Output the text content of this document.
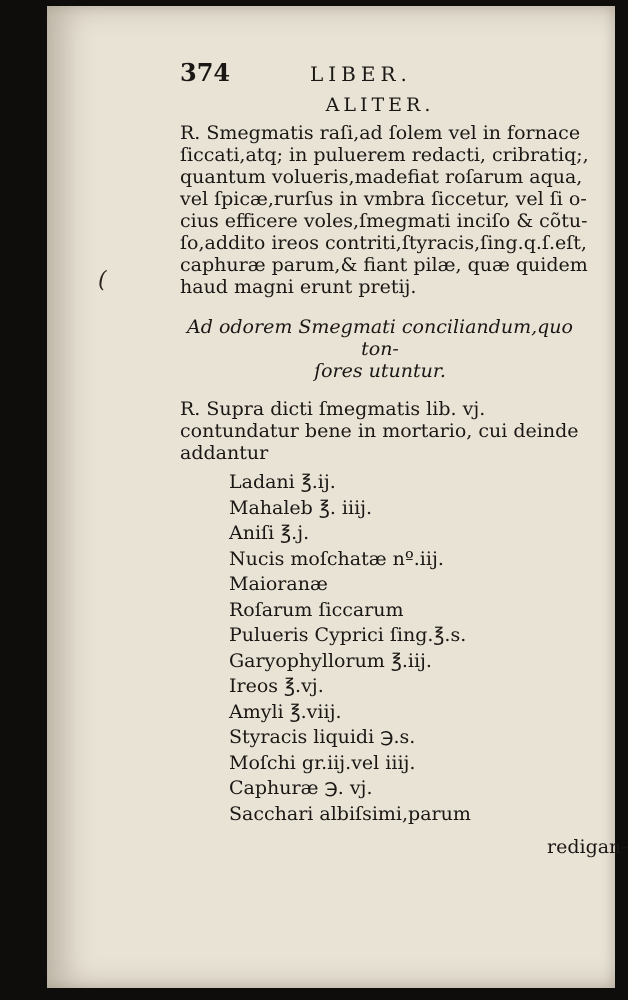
(
374	LIBER.
ALITER.

R. Smegmatis raſi,ad ſolem vel in fornace

ſiccati,atq; in puluerem redacti, cribratiq;,

quantum volueris,madefiat roſarum aqua,

vel ſpicæ,rurſus in vmbra ſiccetur, vel ſi o-

cius efficere voles,ſmegmati inciſo & cõtu-

ſo,addito ireos contriti,ſtyracis,ſing.q.ſ.eſt,

caphuræ parum,& fiant pilæ, quæ quidem

haud magni erunt pretij.

Ad odorem Smegmati conciliandum,quo ton-

ſores utuntur.

R. Supra dicti ſmegmatis lib. vj.

contundatur bene in mortario, cui deinde

addantur

Ladani ℥.ij.
Mahaleb ℥. iiij.
Aniſi ℥.j.
Nucis moſchatæ nº.iij.
Maioranæ
Roſarum ſiccarum
Pulueris Cyprici ſing.℥.s.
Garyophyllorum ℥.iij.
Ireos ℥.vj.
Amyli ℥.viij.
Styracis liquidi ℈.s.
Moſchi gr.iij.vel iiij.
Caphuræ ℈. vj.
Sacchari albiſsimi,parum
redigan-
